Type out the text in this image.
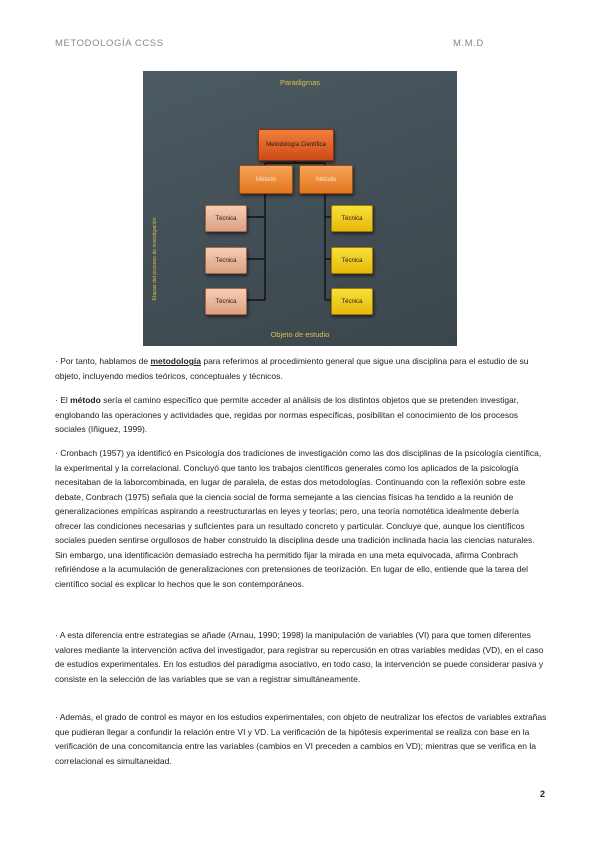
METODOLOGÍA CCSS	M.M.D
Paradigmas
Etapas del proceso de investigación
Objeto de estudio
Metodología Científica
Método	Método
Técnica
Técnica
Técnica
Técnica
Técnica
Técnica

· Por tanto, hablamos de metodología para referirnos al procedimiento general que sigue una disciplina para el estudio de su objeto, incluyendo medios teóricos, conceptuales y técnicos.

· El método sería el camino específico que permite acceder al análisis de los distintos objetos que se pretenden investigar, englobando las operaciones y actividades que, regidas por normas específicas, posibilitan el conocimiento de los procesos sociales (Iñiguez, 1999).

· Cronbach (1957) ya identificó en Psicología dos tradiciones de investigación como las dos disciplinas de la psicología científica, la experimental y la correlacional. Concluyó que tanto los trabajos científicos generales como los aplicados de la psicología necesitaban de la laborcombinada, en lugar de paralela, de estas dos metodologías. Continuando con la reflexión sobre este debate, Conbrach (1975) señala que la ciencia social de forma semejante a las ciencias físicas ha tendido a la reunión de generalizaciones empíricas aspirando a reestructurarlas en leyes y teorías; pero, una teoría nomotética idealmente debería ofrecer las condiciones necesarias y suficientes para un resultado concreto y particular. Concluye que, aunque los científicos sociales pueden sentirse orgullosos de haber construido la disciplina desde una tradición inclinada hacia las ciencias naturales. Sin embargo, una identificación demasiado estrecha ha permitido fijar la mirada en una meta equivocada, afirma Conbrach refiriéndose a la acumulación de generalizaciones con pretensiones de teorización. En lugar de ello, entiende que la tarea del científico social es explicar lo hechos que le son contemporáneos.

· A esta diferencia entre estrategias se añade (Arnau, 1990; 1998) la manipulación de variables (VI) para que tomen diferentes valores mediante la intervención activa del investigador, para registrar su repercusión en otras variables medidas (VD), en el caso de estudios experimentales. En los estudios del paradigma asociativo, en todo caso, la intervención se puede considerar pasiva y consiste en la selección de las variables que se van a registrar simultáneamente.

· Además, el grado de control es mayor en los estudios experimentales, con objeto de neutralizar los efectos de variables extrañas que pudieran llegar a confundir la relación entre VI y VD. La verificación de la hipótesis experimental se realiza con base en la verificación de una concomitancia entre las variables (cambios en VI preceden a cambios en VD); mientras que se verifica en la correlacional es simultaneidad.

2
